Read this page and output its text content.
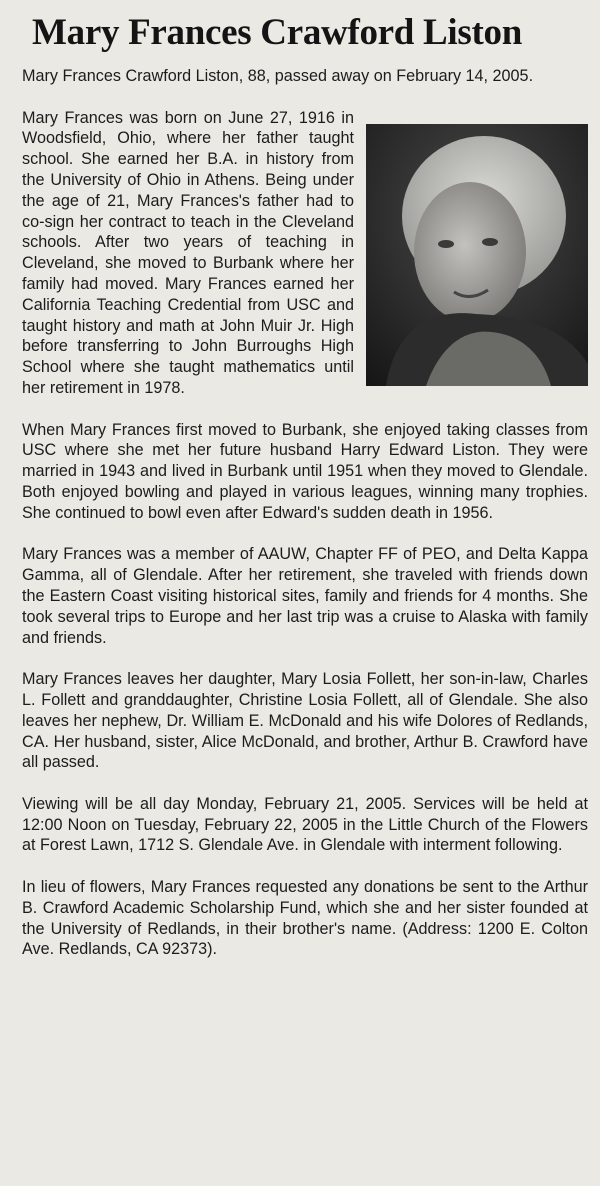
Mary Frances Crawford Liston

Mary Frances Crawford Liston, 88, passed away on February 14, 2005.

Mary Frances was born on June 27, 1916 in Woodsfield, Ohio, where her father taught school. She earned her B.A. in history from the University of Ohio in Athens. Being under the age of 21, Mary Frances's father had to co-sign her contract to teach in the Cleveland schools. After two years of teaching in Cleveland, she moved to Burbank where her family had moved. Mary Frances earned her California Teaching Credential from USC and taught history and math at John Muir Jr. High before transferring to John Burroughs High School where she taught mathematics until her retirement in 1978.

When Mary Frances first moved to Burbank, she enjoyed taking classes from USC where she met her future husband Harry Edward Liston. They were married in 1943 and lived in Burbank until 1951 when they moved to Glendale. Both enjoyed bowling and played in various leagues, winning many trophies. She continued to bowl even after Edward's sudden death in 1956.

Mary Frances was a member of AAUW, Chapter FF of PEO, and Delta Kappa Gamma, all of Glendale. After her retirement, she traveled with friends down the Eastern Coast visiting historical sites, family and friends for 4 months. She took several trips to Europe and her last trip was a cruise to Alaska with family and friends.

Mary Frances leaves her daughter, Mary Losia Follett, her son-in-law, Charles L. Follett and granddaughter, Christine Losia Follett, all of Glendale. She also leaves her nephew, Dr. William E. McDonald and his wife Dolores of Redlands, CA. Her husband, sister, Alice McDonald, and brother, Arthur B. Crawford have all passed.

Viewing will be all day Monday, February 21, 2005. Services will be held at 12:00 Noon on Tuesday, February 22, 2005 in the Little Church of the Flowers at Forest Lawn, 1712 S. Glendale Ave. in Glendale with interment following.

In lieu of flowers, Mary Frances requested any donations be sent to the Arthur B. Crawford Academic Scholarship Fund, which she and her sister founded at the University of Redlands, in their brother's name. (Address: 1200 E. Colton Ave. Redlands, CA 92373).
